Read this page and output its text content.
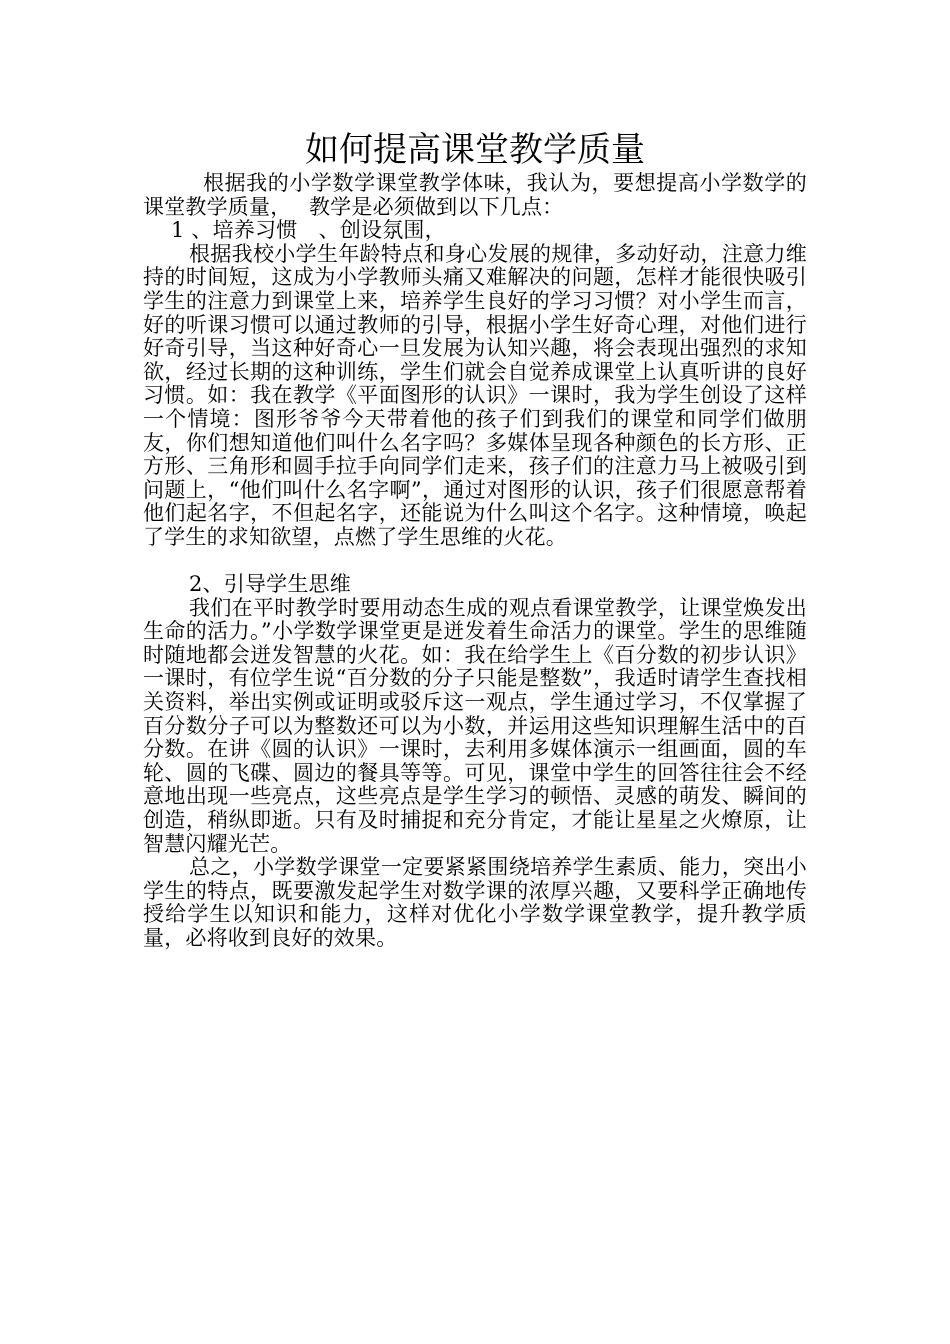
如何提高课堂教学质量

根据我的小学数学课堂教学体味，我认为，要想提高小学数学的课堂教学质量，　 教学是必须做到以下几点：

1 、培养习惯　、创设氛围，

根据我校小学生年龄特点和身心发展的规律，多动好动，注意力维持的时间短，这成为小学教师头痛又难解决的问题，怎样才能很快吸引学生的注意力到课堂上来，培养学生良好的学习习惯？对小学生而言，好的听课习惯可以通过教师的引导，根据小学生好奇心理，对他们进行好奇引导，当这种好奇心一旦发展为认知兴趣，将会表现出强烈的求知欲，经过长期的这种训练，学生们就会自觉养成课堂上认真听讲的良好习惯。如：我在教学《平面图形的认识》一课时，我为学生创设了这样一个情境：图形爷爷今天带着他的孩子们到我们的课堂和同学们做朋友，你们想知道他们叫什么名字吗？多媒体呈现各种颜色的长方形、正方形、三角形和圆手拉手向同学们走来，孩子们的注意力马上被吸引到问题上，“他们叫什么名字啊”，通过对图形的认识，孩子们很愿意帮着他们起名字，不但起名字，还能说为什么叫这个名字。这种情境，唤起了学生的求知欲望，点燃了学生思维的火花。

2、引导学生思维

我们在平时教学时要用动态生成的观点看课堂教学，让课堂焕发出生命的活力。”小学数学课堂更是迸发着生命活力的课堂。学生的思维随时随地都会迸发智慧的火花。如：我在给学生上《百分数的初步认识》一课时，有位学生说“百分数的分子只能是整数”，我适时请学生查找相关资料，举出实例或证明或驳斥这一观点，学生通过学习，不仅掌握了百分数分子可以为整数还可以为小数，并运用这些知识理解生活中的百分数。在讲《圆的认识》一课时，去利用多媒体演示一组画面，圆的车轮、圆的飞碟、圆边的餐具等等。可见，课堂中学生的回答往往会不经意地出现一些亮点，这些亮点是学生学习的顿悟、灵感的萌发、瞬间的创造，稍纵即逝。只有及时捕捉和充分肯定，才能让星星之火燎原，让智慧闪耀光芒。

总之，小学数学课堂一定要紧紧围绕培养学生素质、能力，突出小学生的特点，既要激发起学生对数学课的浓厚兴趣，又要科学正确地传授给学生以知识和能力，这样对优化小学数学课堂教学，提升教学质量，必将收到良好的效果。
